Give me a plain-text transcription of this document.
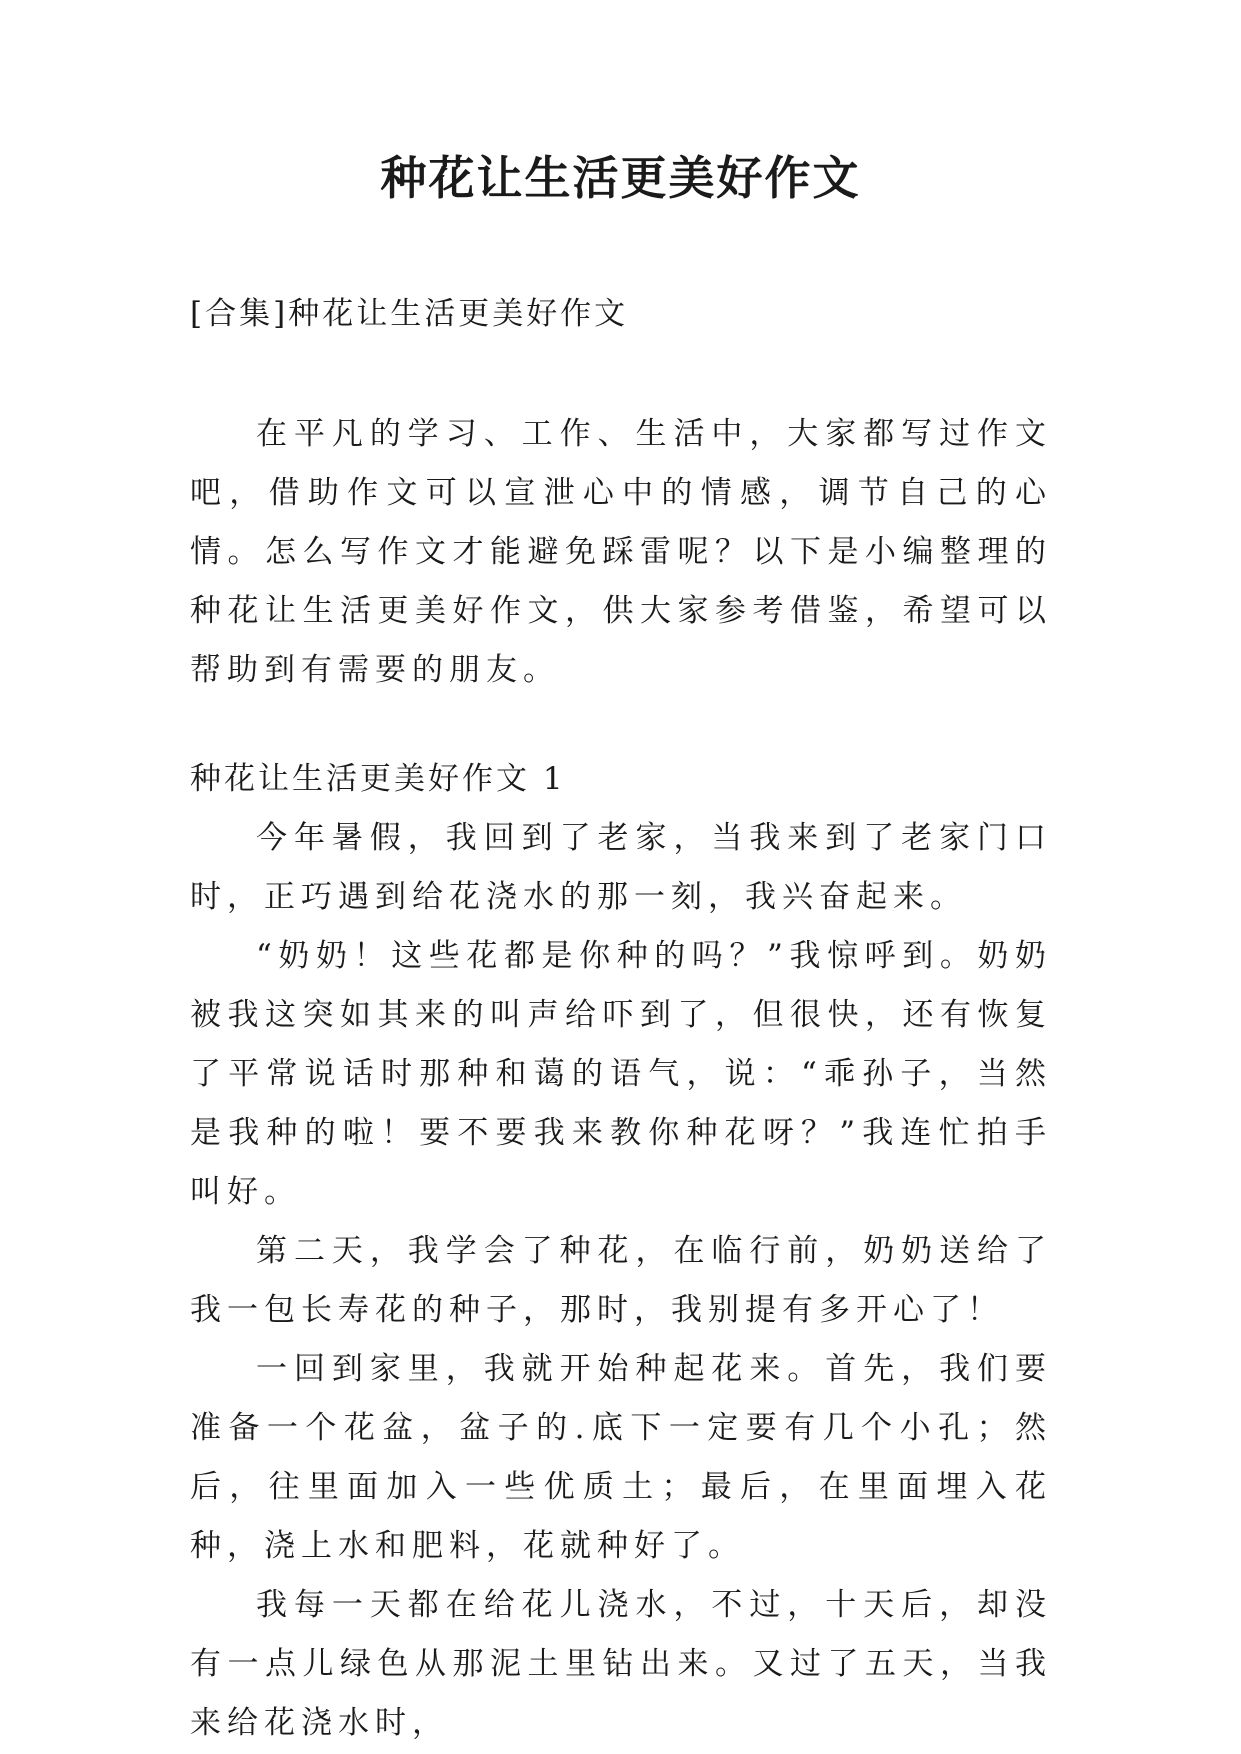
种花让生活更美好作文

[合集]种花让生活更美好作文

在平凡的学习、工作、生活中，大家都写过作文吧，借助作文可以宣泄心中的情感，调节自己的心情。怎么写作文才能避免踩雷呢？以下是小编整理的种花让生活更美好作文，供大家参考借鉴，希望可以帮助到有需要的朋友。

种花让生活更美好作文 1

今年暑假，我回到了老家，当我来到了老家门口时，正巧遇到给花浇水的那一刻，我兴奋起来。

“奶奶！这些花都是你种的吗？”我惊呼到。奶奶被我这突如其来的叫声给吓到了，但很快，还有恢复了平常说话时那种和蔼的语气，说：“乖孙子，当然是我种的啦！要不要我来教你种花呀？”我连忙拍手叫好。

第二天，我学会了种花，在临行前，奶奶送给了我一包长寿花的种子，那时，我别提有多开心了！

一回到家里，我就开始种起花来。首先，我们要准备一个花盆，盆子的.底下一定要有几个小孔；然后，往里面加入一些优质土；最后，在里面埋入花种，浇上水和肥料，花就种好了。

我每一天都在给花儿浇水，不过，十天后，却没有一点儿绿色从那泥土里钻出来。又过了五天，当我来给花浇水时，
